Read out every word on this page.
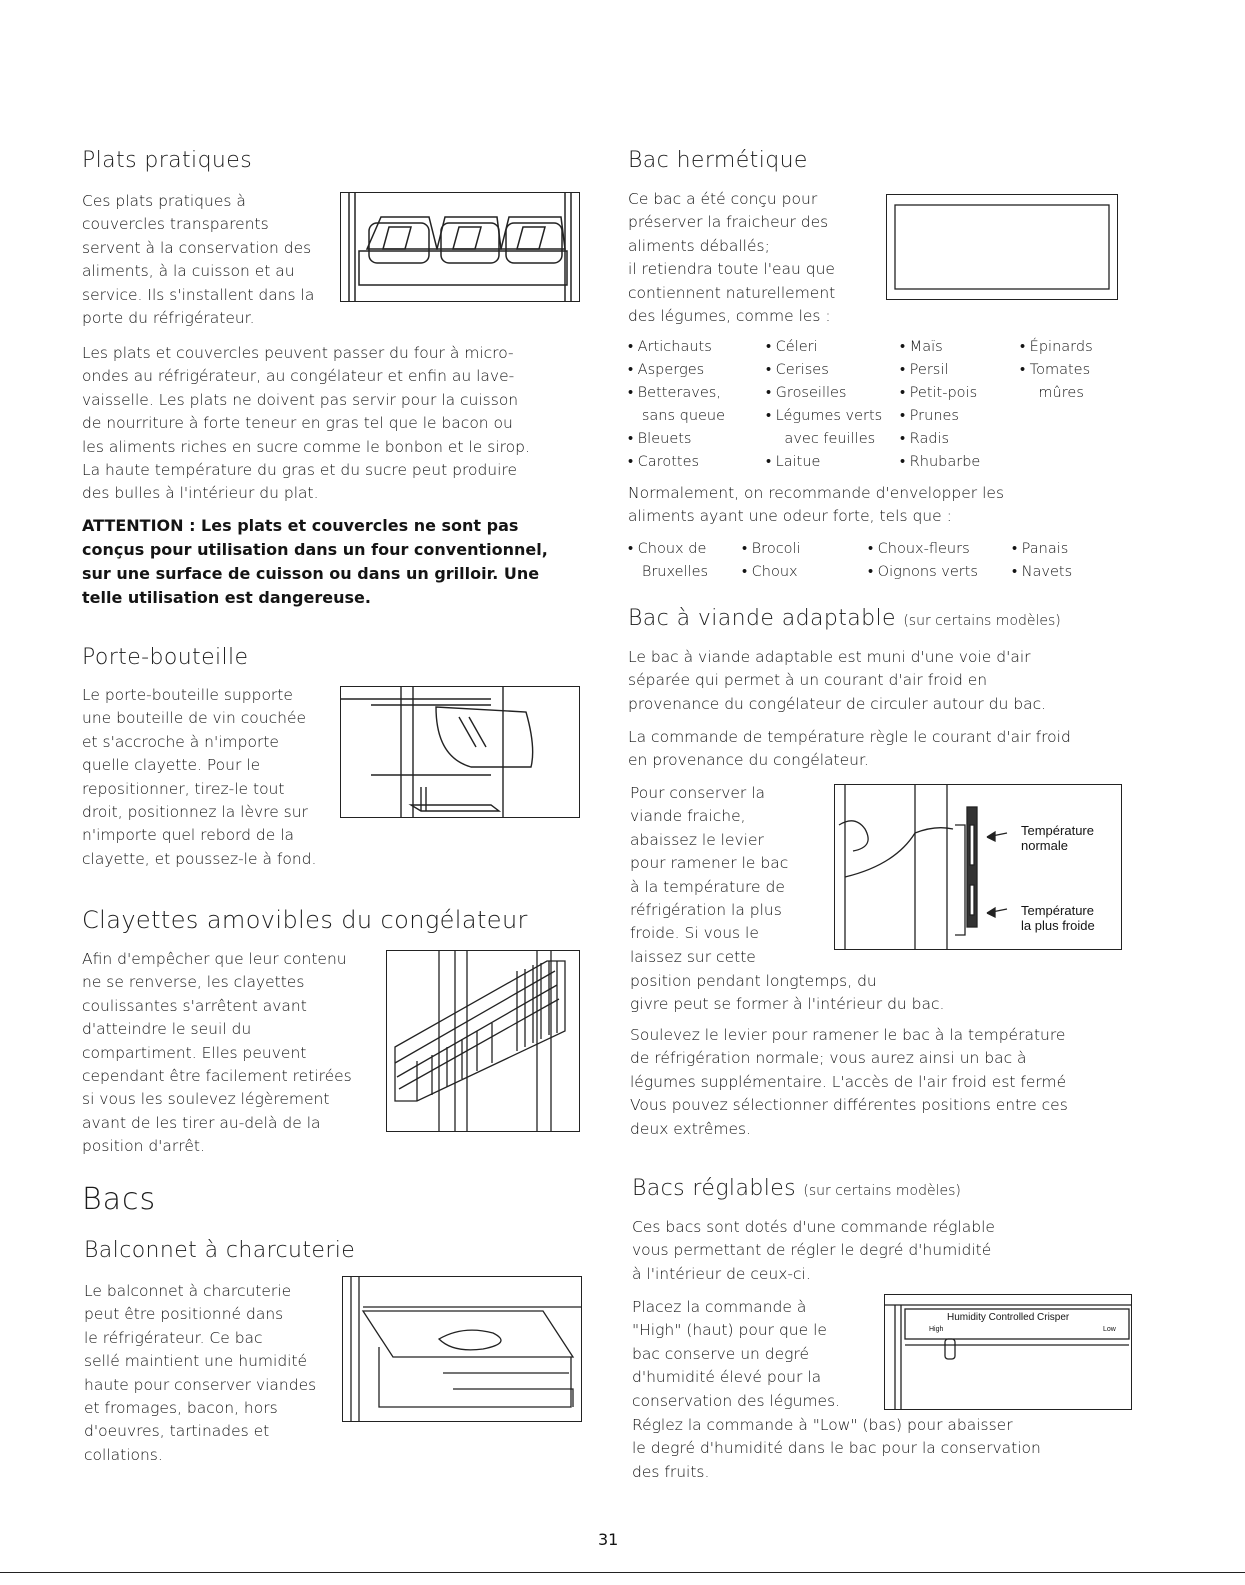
Plats pratiques

Ces plats pratiques à
couvercles transparents
servent à la conservation des
aliments, à la cuisson et au
service. Ils s'installent dans la
porte du réfrigérateur.

Les plats et couvercles peuvent passer du four à micro-
ondes au réfrigérateur, au congélateur et enfin au lave-
vaisselle. Les plats ne doivent pas servir pour la cuisson
de nourriture à forte teneur en gras tel que le bacon ou
les aliments riches en sucre comme le bonbon et le sirop.
La haute température du gras et du sucre peut produire
des bulles à l'intérieur du plat.

ATTENTION : Les plats et couvercles ne sont pas
conçus pour utilisation dans un four conventionnel,
sur une surface de cuisson ou dans un grilloir. Une
telle utilisation est dangereuse.

Porte-bouteille

Le porte-bouteille supporte
une bouteille de vin couchée
et s'accroche à n'importe
quelle clayette. Pour le
repositionner, tirez-le tout
droit, positionnez la lèvre sur
n'importe quel rebord de la
clayette, et poussez-le à fond.

Clayettes amovibles du congélateur

Afin d'empêcher que leur contenu
ne se renverse, les clayettes
coulissantes s'arrêtent avant
d'atteindre le seuil du
compartiment. Elles peuvent
cependant être facilement retirées
si vous les soulevez légèrement
avant de les tirer au-delà de la
position d'arrêt.

Bacs
Balconnet à charcuterie

Le balconnet à charcuterie
peut être positionné dans
le réfrigérateur. Ce bac
sellé maintient une humidité
haute pour conserver viandes
et fromages, bacon, hors
d'oeuvres, tartinades et
collations.

Bac hermétique

Ce bac a été conçu pour
préserver la fraicheur des
aliments déballés;
il retiendra toute l'eau que
contiennent naturellement
des légumes, comme les :

• Artichauts
• Asperges
• Betteraves,
sans queue
• Bleuets
• Carottes
• Céleri
• Cerises
• Groseilles
• Légumes verts
avec feuilles
• Laitue
• Maïs
• Persil
• Petit-pois
• Prunes
• Radis
• Rhubarbe
• Épinards
• Tomates
mûres

Normalement, on recommande d'envelopper les
aliments ayant une odeur forte, tels que :

• Choux de
Bruxelles
• Brocoli
• Choux
• Choux-fleurs
• Oignons verts
• Panais
• Navets
Bac à viande adaptable (sur certains modèles)

Le bac à viande adaptable est muni d'une voie d'air
séparée qui permet à un courant d'air froid en
provenance du congélateur de circuler autour du bac.

La commande de température règle le courant d'air froid
en provenance du congélateur.

Pour conserver la
viande fraiche,
abaissez le levier
pour ramener le bac
à la température de
réfrigération la plus
froide. Si vous le
laissez sur cette

Température
normale
Température
la plus froide

position pendant longtemps, du
givre peut se former à l'intérieur du bac.

Soulevez le levier pour ramener le bac à la température
de réfrigération normale; vous aurez ainsi un bac à
légumes supplémentaire. L'accès de l'air froid est fermé
Vous pouvez sélectionner différentes positions entre ces
deux extrêmes.

Bacs réglables (sur certains modèles)

Ces bacs sont dotés d'une commande réglable
vous permettant de régler le degré d'humidité
à l'intérieur de ceux-ci.

Placez la commande à
"High" (haut) pour que le
bac conserve un degré
d'humidité élevé pour la
conservation des légumes.

Humidity Controlled Crisper
High	Low

Réglez la commande à "Low" (bas) pour abaisser
le degré d'humidité dans le bac pour la conservation
des fruits.

31
